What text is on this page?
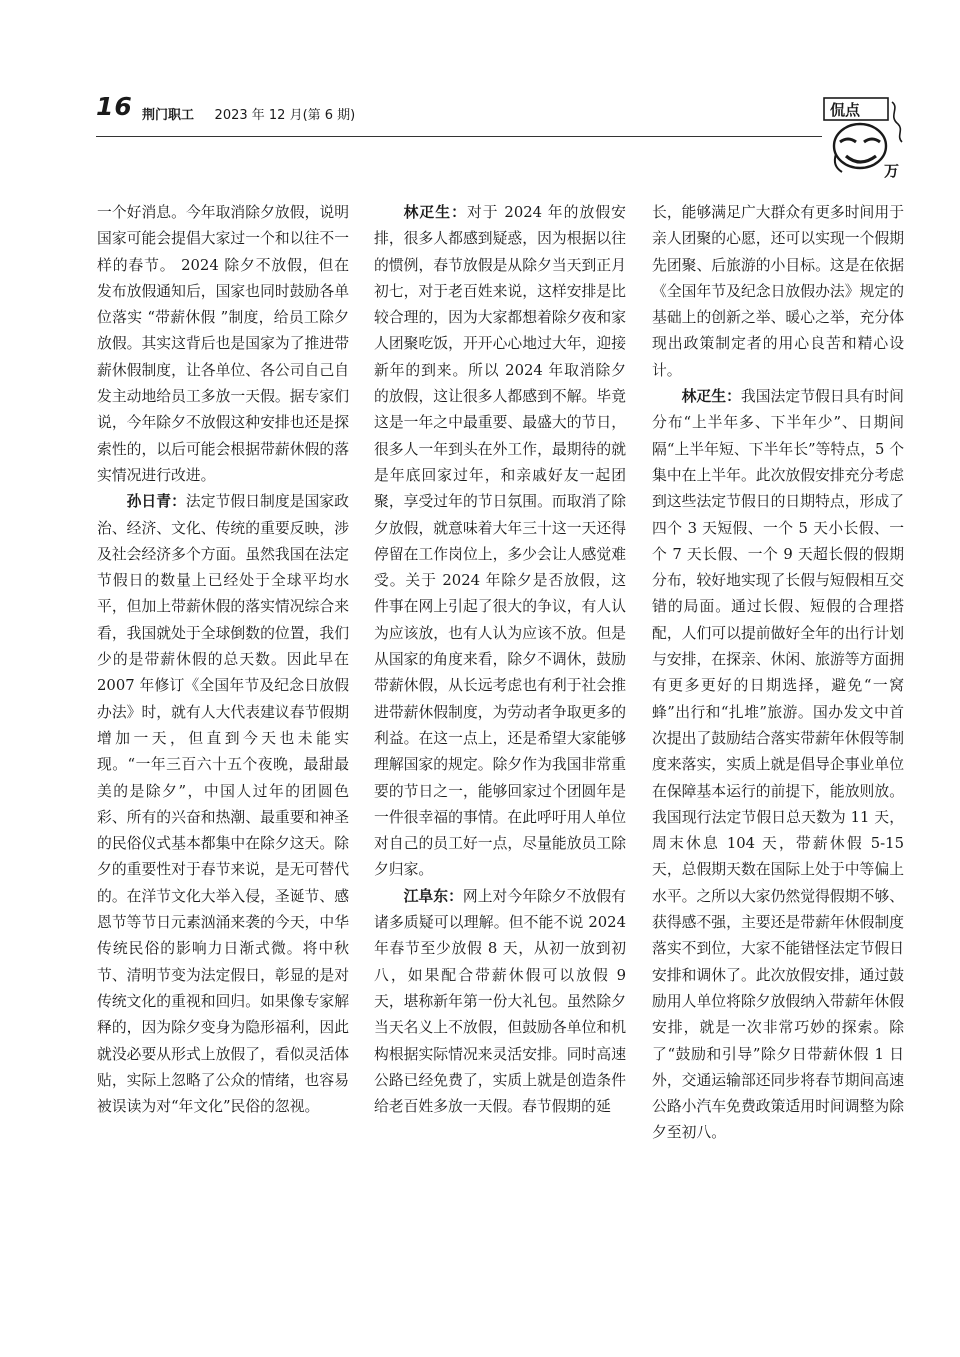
16 荆门职工 2023 年 12 月(第 6 期)	侃点
万

一个好消息。今年取消除夕放假，说明国家可能会提倡大家过一个和以往不一样的春节。 2024 除夕不放假，但在发布放假通知后，国家也同时鼓励各单位落实 “带薪休假 ”制度，给员工除夕放假。其实这背后也是国家为了推进带薪休假制度，让各单位、各公司自己自发主动地给员工多放一天假。据专家们说，今年除夕不放假这种安排也还是探索性的，以后可能会根据带薪休假的落实情况进行改进。

孙日青：法定节假日制度是国家政治、经济、文化、传统的重要反映，涉及社会经济多个方面。虽然我国在法定节假日的数量上已经处于全球平均水平，但加上带薪休假的落实情况综合来看，我国就处于全球倒数的位置，我们少的是带薪休假的总天数。因此早在 2007 年修订《全国年节及纪念日放假办法》时，就有人大代表建议春节假期增加一天，但直到今天也未能实现。“一年三百六十五个夜晚，最甜最美的是除夕”，中国人过年的团圆色彩、所有的兴奋和热潮、最重要和神圣的民俗仪式基本都集中在除夕这天。除夕的重要性对于春节来说，是无可替代的。在洋节文化大举入侵，圣诞节、感恩节等节日元素汹涌来袭的今天，中华传统民俗的影响力日渐式微。将中秋节、清明节变为法定假日，彰显的是对传统文化的重视和回归。如果像专家解释的，因为除夕变身为隐形福利，因此就没必要从形式上放假了，看似灵活体贴，实际上忽略了公众的情绪，也容易被误读为对“年文化”民俗的忽视。

林疋生：对于 2024 年的放假安排，很多人都感到疑惑，因为根据以往的惯例，春节放假是从除夕当天到正月初七，对于老百姓来说，这样安排是比较合理的，因为大家都想着除夕夜和家人团聚吃饭，开开心心地过大年，迎接新年的到来。所以 2024 年取消除夕的放假，这让很多人都感到不解。毕竟这是一年之中最重要、最盛大的节日，很多人一年到头在外工作，最期待的就是年底回家过年，和亲戚好友一起团聚，享受过年的节日氛围。而取消了除夕放假，就意味着大年三十这一天还得停留在工作岗位上，多少会让人感觉难受。关于 2024 年除夕是否放假，这件事在网上引起了很大的争议，有人认为应该放，也有人认为应该不放。但是从国家的角度来看，除夕不调休，鼓励带薪休假，从长远考虑也有利于社会推进带薪休假制度，为劳动者争取更多的利益。在这一点上，还是希望大家能够理解国家的规定。除夕作为我国非常重要的节日之一，能够回家过个团圆年是一件很幸福的事情。在此呼吁用人单位对自己的员工好一点，尽量能放员工除夕归家。

江阜东：网上对今年除夕不放假有诸多质疑可以理解。但不能不说 2024 年春节至少放假 8 天，从初一放到初八，如果配合带薪休假可以放假 9 天，堪称新年第一份大礼包。虽然除夕当天名义上不放假，但鼓励各单位和机构根据实际情况来灵活安排。同时高速公路已经免费了，实质上就是创造条件给老百姓多放一天假。春节假期的延

长，能够满足广大群众有更多时间用于亲人团聚的心愿，还可以实现一个假期先团聚、后旅游的小目标。这是在依据《全国年节及纪念日放假办法》规定的基础上的创新之举、暖心之举，充分体现出政策制定者的用心良苦和精心设计。

林疋生：我国法定节假日具有时间分布“上半年多、下半年少”、日期间隔“上半年短、下半年长”等特点，5 个集中在上半年。此次放假安排充分考虑到这些法定节假日的日期特点，形成了四个 3 天短假、一个 5 天小长假、一个 7 天长假、一个 9 天超长假的假期分布，较好地实现了长假与短假相互交错的局面。通过长假、短假的合理搭配，人们可以提前做好全年的出行计划与安排，在探亲、休闲、旅游等方面拥有更多更好的日期选择，避免“一窝蜂”出行和“扎堆”旅游。国办发文中首次提出了鼓励结合落实带薪年休假等制度来落实，实质上就是倡导企事业单位在保障基本运行的前提下，能放则放。我国现行法定节假日总天数为 11 天，周末休息 104 天，带薪休假 5-15 天，总假期天数在国际上处于中等偏上水平。之所以大家仍然觉得假期不够、获得感不强，主要还是带薪年休假制度落实不到位，大家不能错怪法定节假日安排和调休了。此次放假安排，通过鼓励用人单位将除夕放假纳入带薪年休假安排，就是一次非常巧妙的探索。除了“鼓励和引导”除夕日带薪休假 1 日外，交通运输部还同步将春节期间高速公路小汽车免费政策适用时间调整为除夕至初八。
